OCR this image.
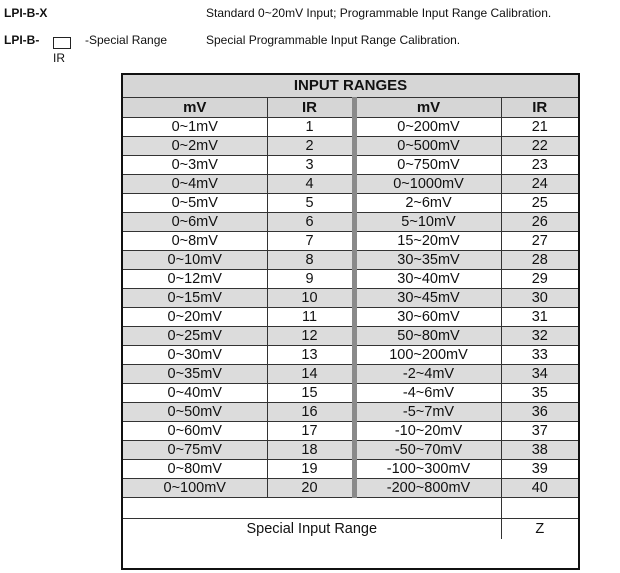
LPI-B-X	Standard 0~20mV Input; Programmable Input Range Calibration.
LPI-B-
IR
-Special Range	Special Programmable Input Range Calibration.
INPUT RANGES			
mV	IR	mV	IR
0~1mV	1	0~200mV	21
0~2mV	2	0~500mV	22
0~3mV	3	0~750mV	23
0~4mV	4	0~1000mV	24
0~5mV	5	2~6mV	25
0~6mV	6	5~10mV	26
0~8mV	7	15~20mV	27
0~10mV	8	30~35mV	28
0~12mV	9	30~40mV	29
0~15mV	10	30~45mV	30
0~20mV	11	30~60mV	31
0~25mV	12	50~80mV	32
0~30mV	13	100~200mV	33
0~35mV	14	-2~4mV	34
0~40mV	15	-4~6mV	35
0~50mV	16	-5~7mV	36
0~60mV	17	-10~20mV	37
0~75mV	18	-50~70mV	38
0~80mV	19	-100~300mV	39
0~100mV	20	-200~800mV	40

Special Input Range			Z
